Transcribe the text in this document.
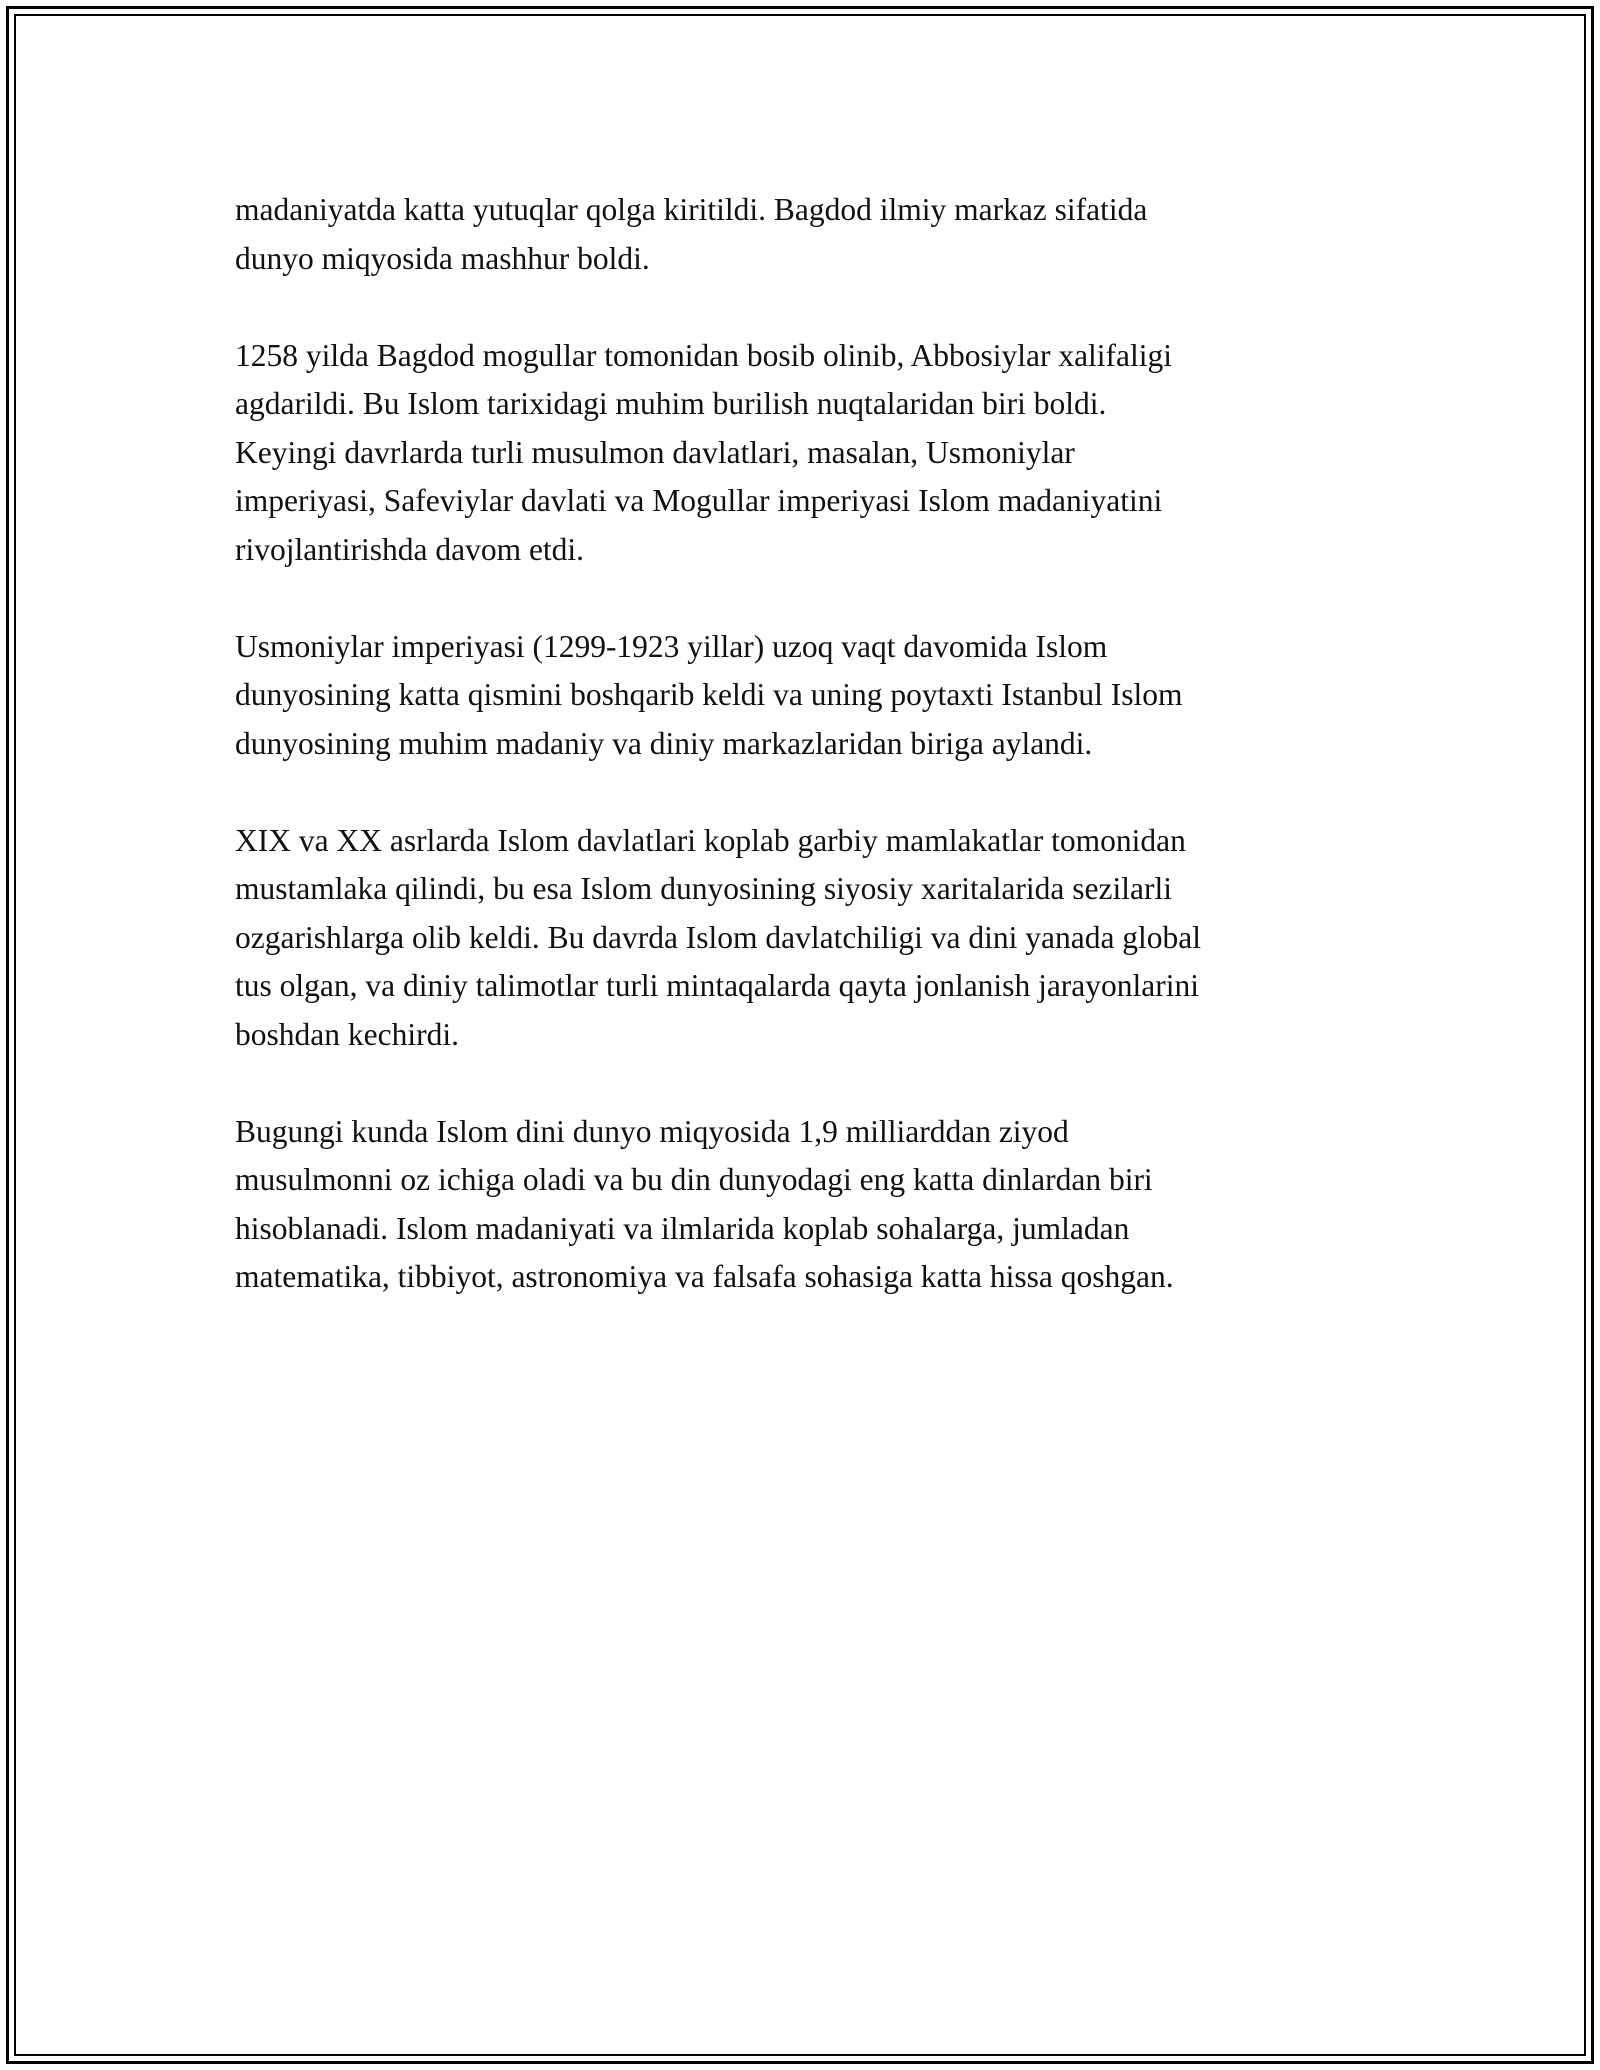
madaniyatda katta yutuqlar qolga kiritildi. Bagdod ilmiy markaz sifatida
dunyo miqyosida mashhur boldi.

1258 yilda Bagdod mogullar tomonidan bosib olinib, Abbosiylar xalifaligi
agdarildi. Bu Islom tarixidagi muhim burilish nuqtalaridan biri boldi.
Keyingi davrlarda turli musulmon davlatlari, masalan, Usmoniylar
imperiyasi, Safeviylar davlati va Mogullar imperiyasi Islom madaniyatini
rivojlantirishda davom etdi.

Usmoniylar imperiyasi (1299-1923 yillar) uzoq vaqt davomida Islom
dunyosining katta qismini boshqarib keldi va uning poytaxti Istanbul Islom
dunyosining muhim madaniy va diniy markazlaridan biriga aylandi.

XIX va XX asrlarda Islom davlatlari koplab garbiy mamlakatlar tomonidan
mustamlaka qilindi, bu esa Islom dunyosining siyosiy xaritalarida sezilarli
ozgarishlarga olib keldi. Bu davrda Islom davlatchiligi va dini yanada global
tus olgan, va diniy talimotlar turli mintaqalarda qayta jonlanish jarayonlarini
boshdan kechirdi.

Bugungi kunda Islom dini dunyo miqyosida 1,9 milliarddan ziyod
musulmonni oz ichiga oladi va bu din dunyodagi eng katta dinlardan biri
hisoblanadi. Islom madaniyati va ilmlarida koplab sohalarga, jumladan
matematika, tibbiyot, astronomiya va falsafa sohasiga katta hissa qoshgan.
